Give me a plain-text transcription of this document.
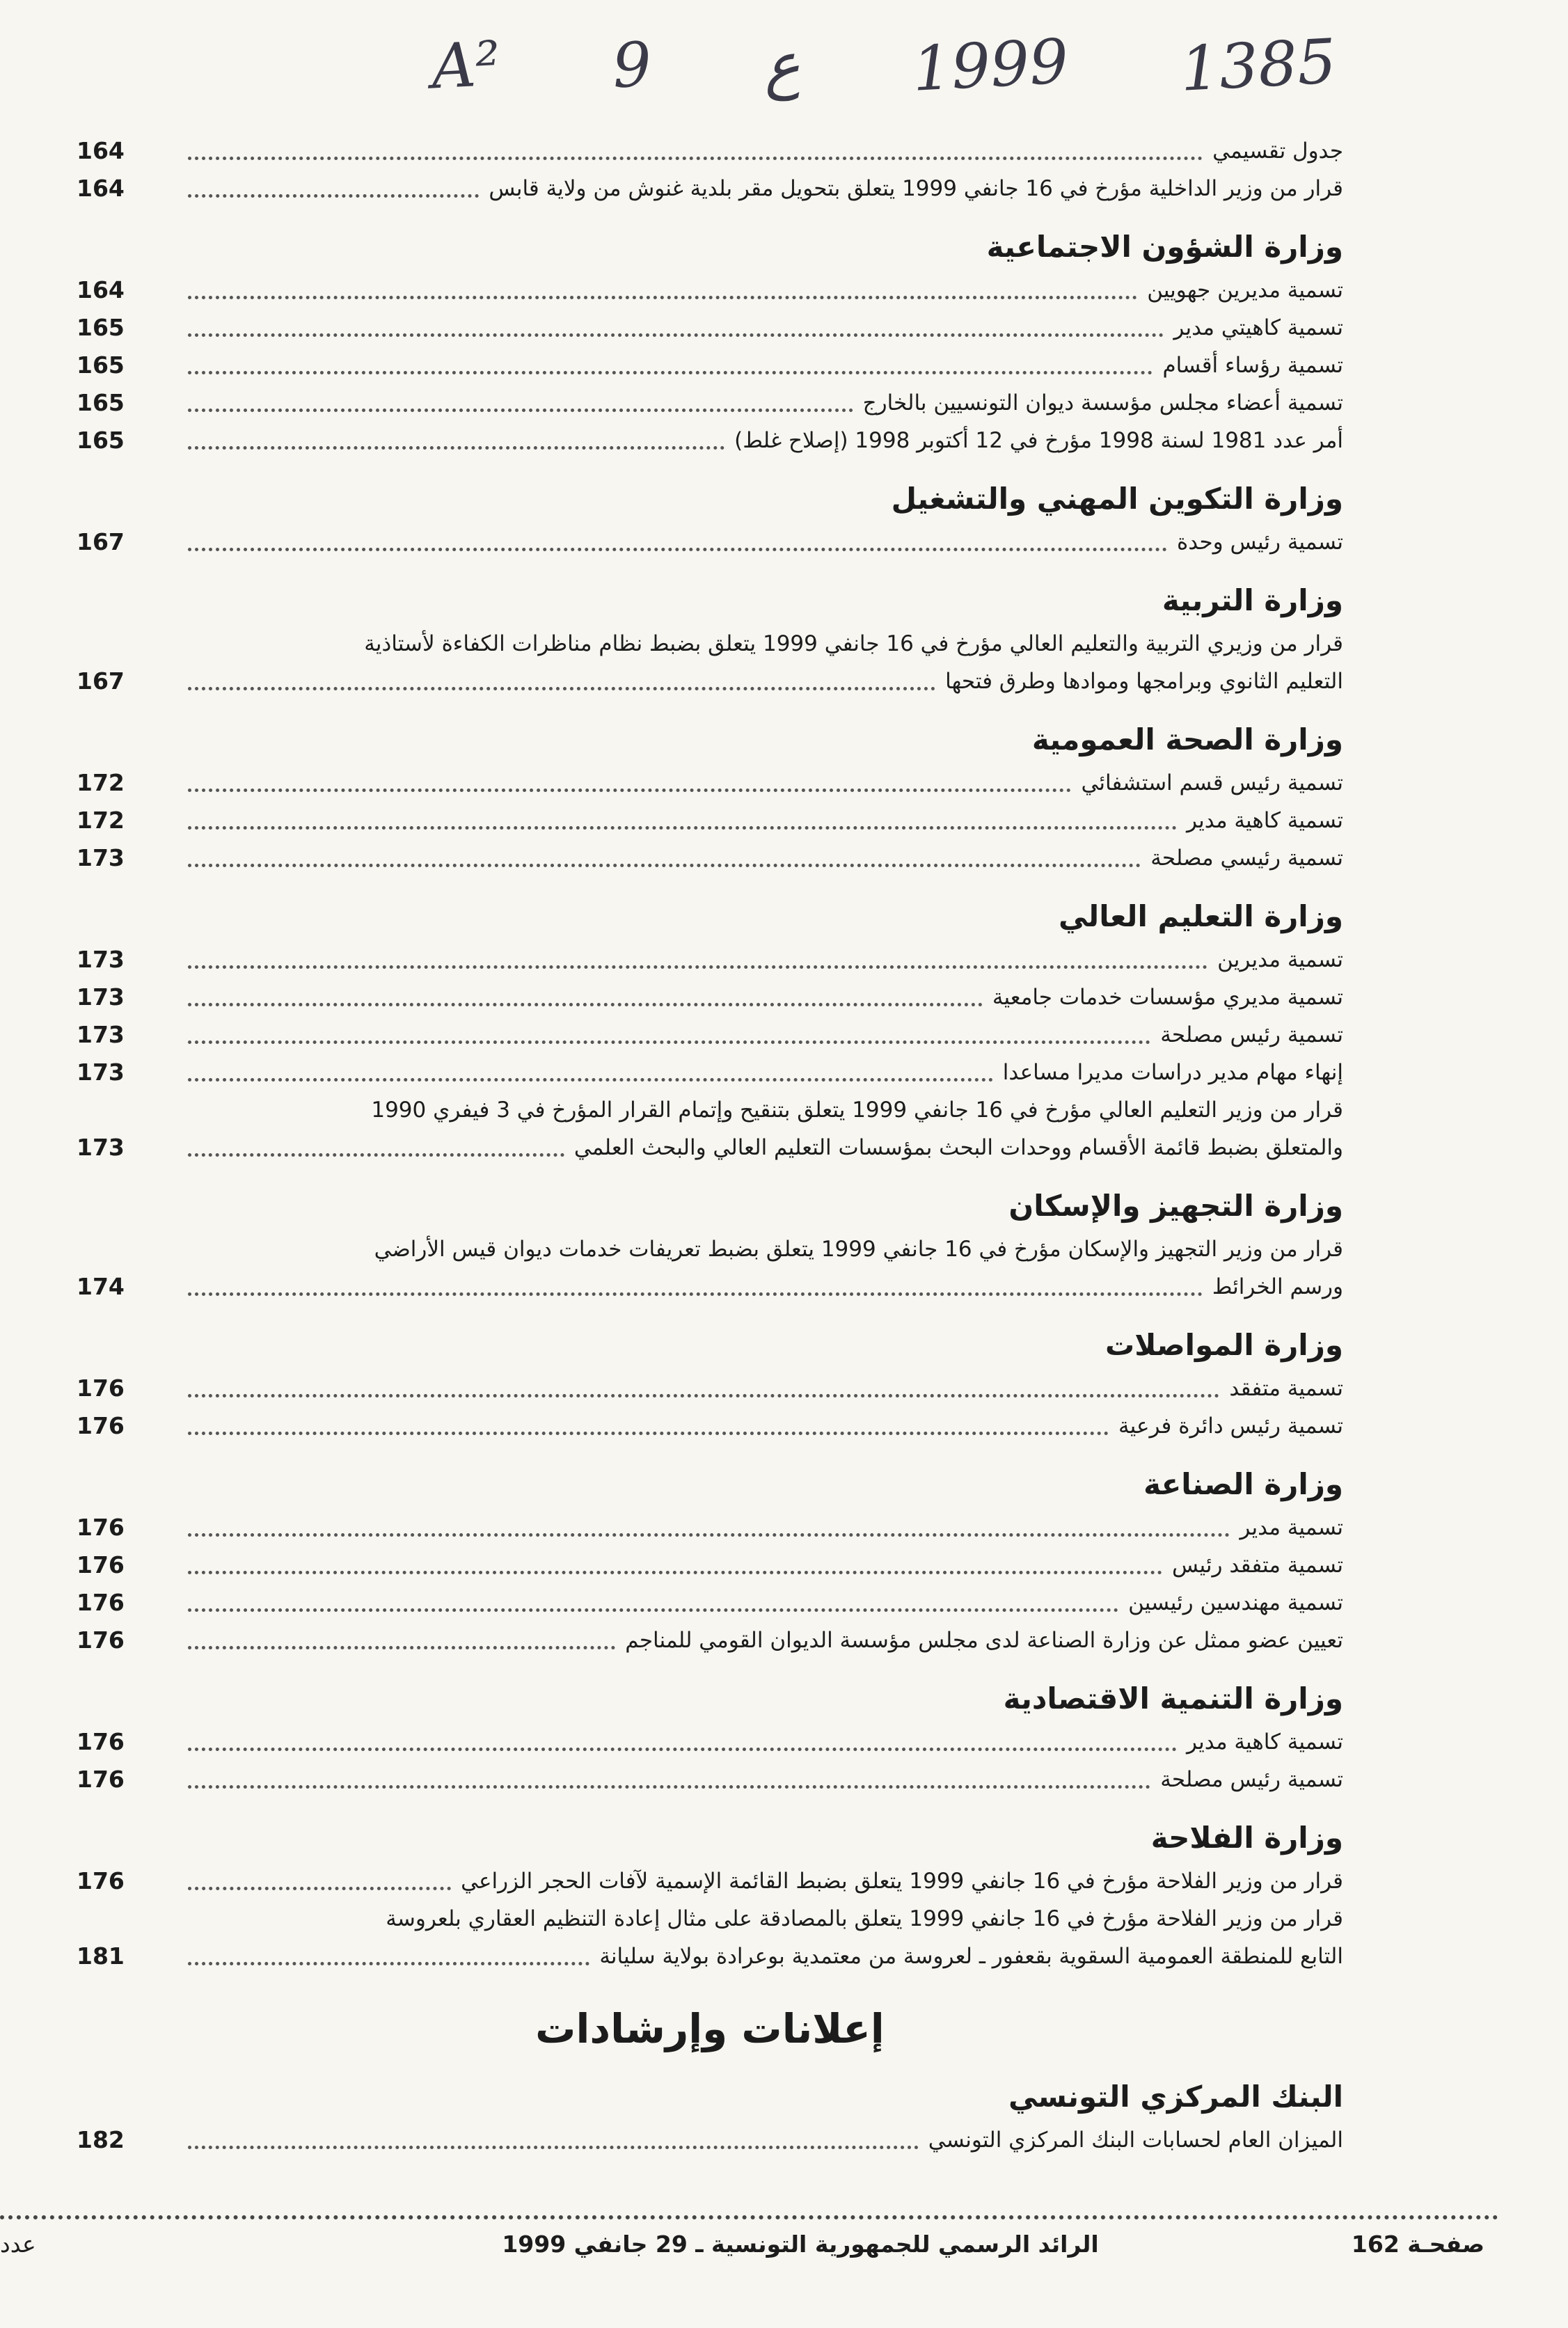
A² 9 ع 1999 1385
جدول تقسيمي
164
قرار من وزير الداخلية مؤرخ في 16 جانفي 1999 يتعلق بتحويل مقر بلدية غنوش من ولاية قابس
164
وزارة الشؤون الاجتماعية
تسمية مديرين جهويين
164
تسمية كاهيتي مدير
165
تسمية رؤساء أقسام
165
تسمية أعضاء مجلس مؤسسة ديوان التونسيين بالخارج
165
أمر عدد 1981 لسنة 1998 مؤرخ في 12 أكتوبر 1998 (إصلاح غلط)
165
وزارة التكوين المهني والتشغيل
تسمية رئيس وحدة
167
وزارة التربية
قرار من وزيري التربية والتعليم العالي مؤرخ في 16 جانفي 1999 يتعلق بضبط نظام مناظرات الكفاءة لأستاذية
التعليم الثانوي وبرامجها وموادها وطرق فتحها
167
وزارة الصحة العمومية
تسمية رئيس قسم استشفائي
172
تسمية كاهية مدير
172
تسمية رئيسي مصلحة
173
وزارة التعليم العالي
تسمية مديرين
173
تسمية مديري مؤسسات خدمات جامعية
173
تسمية رئيس مصلحة
173
إنهاء مهام مدير دراسات مديرا مساعدا
173
قرار من وزير التعليم العالي مؤرخ في 16 جانفي 1999 يتعلق بتنقيح وإتمام القرار المؤرخ في 3 فيفري 1990
والمتعلق بضبط قائمة الأقسام ووحدات البحث بمؤسسات التعليم العالي والبحث العلمي
173
وزارة التجهيز والإسكان
قرار من وزير التجهيز والإسكان مؤرخ في 16 جانفي 1999 يتعلق بضبط تعريفات خدمات ديوان قيس الأراضي
ورسم الخرائط
174
وزارة المواصلات
تسمية متفقد
176
تسمية رئيس دائرة فرعية
176
وزارة الصناعة
تسمية مدير
176
تسمية متفقد رئيس
176
تسمية مهندسين رئيسين
176
تعيين عضو ممثل عن وزارة الصناعة لدى مجلس مؤسسة الديوان القومي للمناجم
176
وزارة التنمية الاقتصادية
تسمية كاهية مدير
176
تسمية رئيس مصلحة
176
وزارة الفلاحة
قرار من وزير الفلاحة مؤرخ في 16 جانفي 1999 يتعلق بضبط القائمة الإسمية لآفات الحجر الزراعي
176
قرار من وزير الفلاحة مؤرخ في 16 جانفي 1999 يتعلق بالمصادقة على مثال إعادة التنظيم العقاري بلعروسة
التابع للمنطقة العمومية السقوية بقعفور ـ لعروسة من معتمدية بوعرادة بولاية سليانة
181
إعلانات وإرشادات
البنك المركزي التونسي
الميزان العام لحسابات البنك المركزي التونسي
182
صفحـة 162
الرائد الرسمي للجمهورية التونسية ـ 29 جانفي 1999
عدد
